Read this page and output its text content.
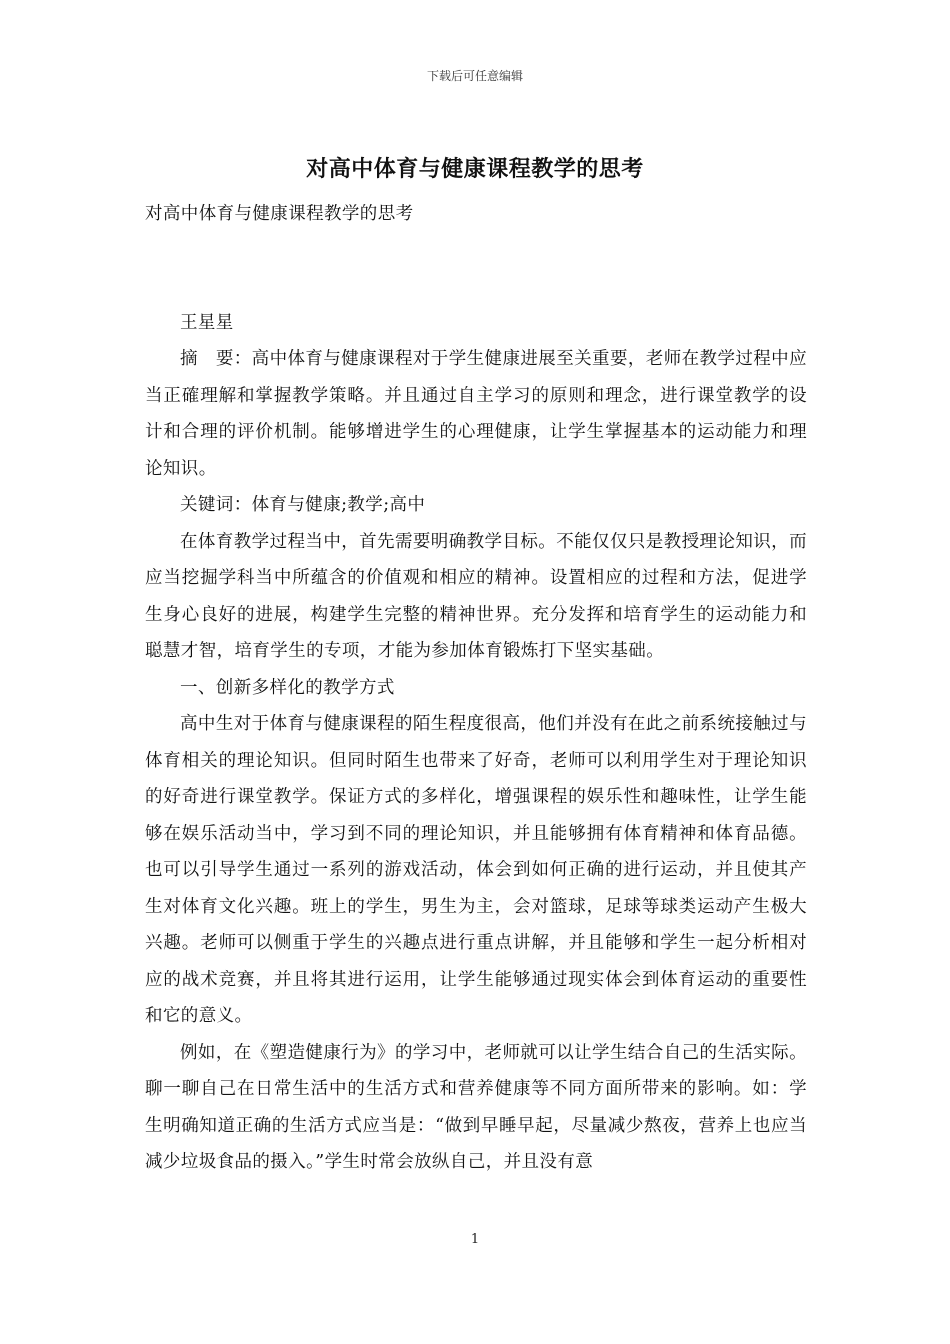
下载后可任意编辑
对高中体育与健康课程教学的思考

对高中体育与健康课程教学的思考

王星星

摘　要：高中体育与健康课程对于学生健康进展至关重要，老师在教学过程中应当正確理解和掌握教学策略。并且通过自主学习的原则和理念，进行课堂教学的设计和合理的评价机制。能够增进学生的心理健康，让学生掌握基本的运动能力和理论知识。

关键词：体育与健康;教学;高中

在体育教学过程当中，首先需要明确教学目标。不能仅仅只是教授理论知识，而应当挖掘学科当中所蕴含的价值观和相应的精神。设置相应的过程和方法，促进学生身心良好的进展，构建学生完整的精神世界。充分发挥和培育学生的运动能力和聪慧才智，培育学生的专项，才能为参加体育锻炼打下坚实基础。

一、创新多样化的教学方式

高中生对于体育与健康课程的陌生程度很高，他们并没有在此之前系统接触过与体育相关的理论知识。但同时陌生也带来了好奇，老师可以利用学生对于理论知识的好奇进行课堂教学。保证方式的多样化，增强课程的娱乐性和趣味性，让学生能够在娱乐活动当中，学习到不同的理论知识，并且能够拥有体育精神和体育品德。也可以引导学生通过一系列的游戏活动，体会到如何正确的进行运动，并且使其产生对体育文化兴趣。班上的学生，男生为主，会对篮球，足球等球类运动产生极大兴趣。老师可以侧重于学生的兴趣点进行重点讲解，并且能够和学生一起分析相对应的战术竞赛，并且将其进行运用，让学生能够通过现实体会到体育运动的重要性和它的意义。

例如，在《塑造健康行为》的学习中，老师就可以让学生结合自己的生活实际。聊一聊自己在日常生活中的生活方式和营养健康等不同方面所带来的影响。如：学生明确知道正确的生活方式应当是：“做到早睡早起，尽量减少熬夜，营养上也应当减少垃圾食品的摄入。”学生时常会放纵自己，并且没有意

1
